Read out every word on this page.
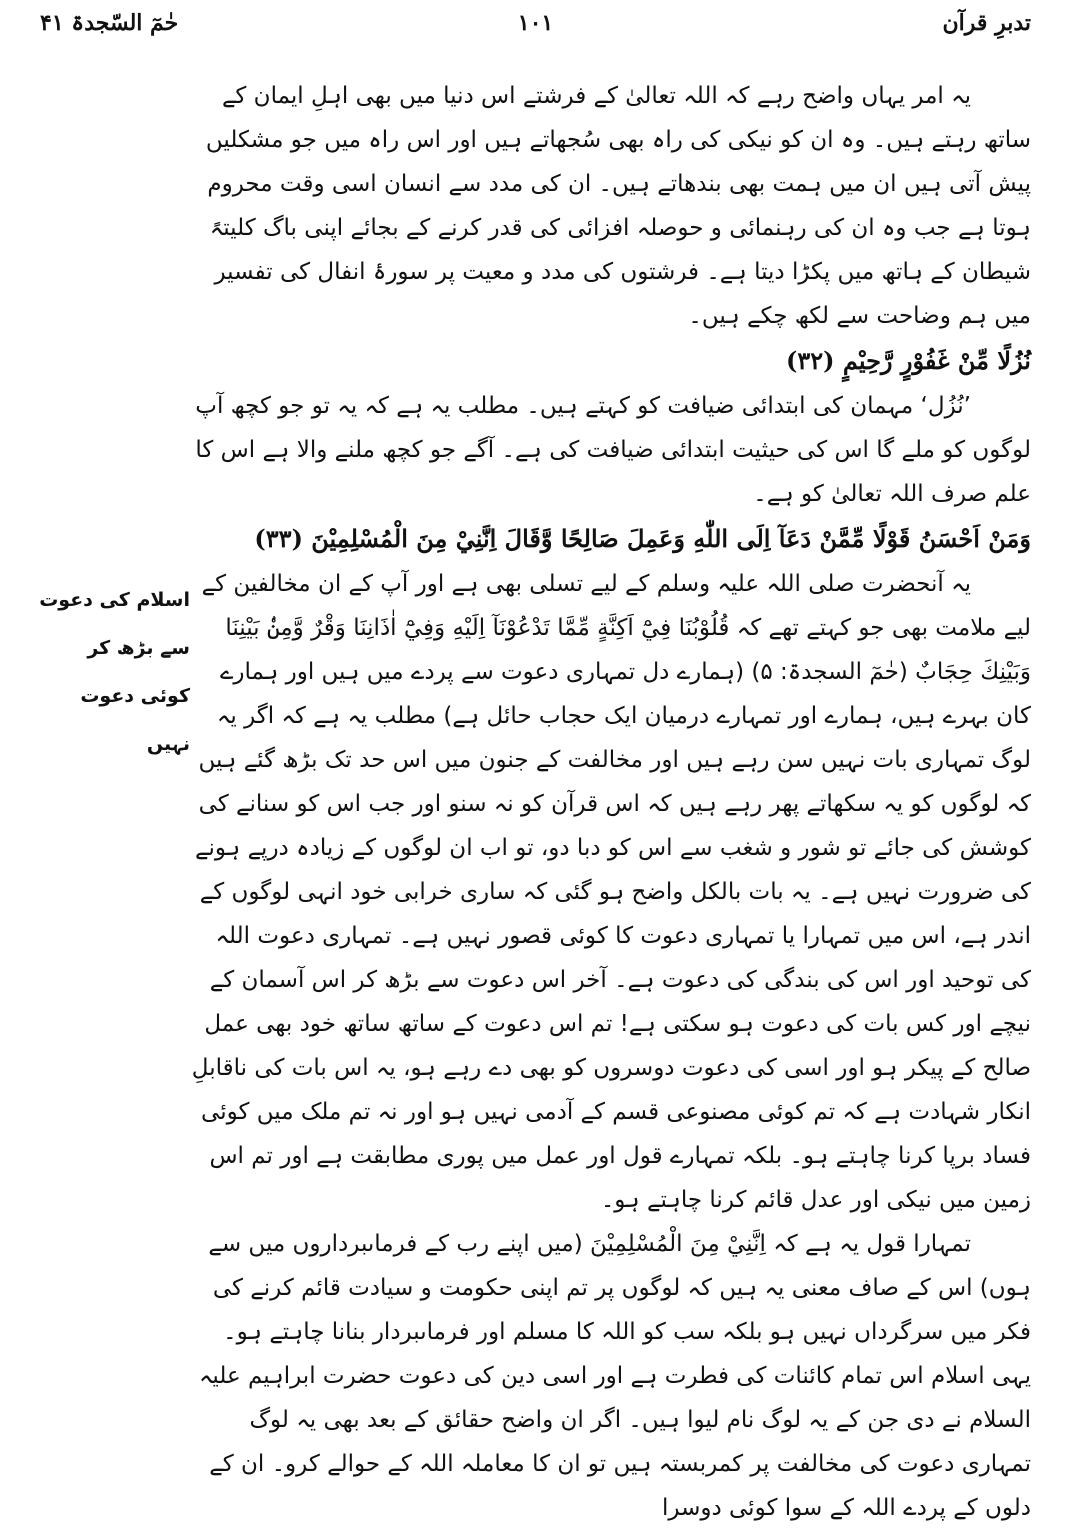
تدبرِ قرآن
۱۰۱
حٰمٓ السّجدۃ ۴۱
اسلام کی دعوت
سے بڑھ کر
کوئی دعوت
نہیں

یہ امر یہاں واضح رہے کہ اللہ تعالیٰ کے فرشتے اس دنیا میں بھی اہلِ ایمان کے ساتھ رہتے ہیں۔ وہ ان کو نیکی کی راہ بھی سُجھاتے ہیں اور اس راہ میں جو مشکلیں پیش آتی ہیں ان میں ہمت بھی بندھاتے ہیں۔ ان کی مدد سے انسان اسی وقت محروم ہوتا ہے جب وہ ان کی رہنمائی و حوصلہ افزائی کی قدر کرنے کے بجائے اپنی باگ کلیتہً شیطان کے ہاتھ میں پکڑا دیتا ہے۔ فرشتوں کی مدد و معیت پر سورۂ انفال کی تفسیر میں ہم وضاحت سے لکھ چکے ہیں۔

نُزُلًا مِّنْ غَفُوْرٍ رَّحِيْمٍ (۳۲)

’نُزُل‘ مہمان کی ابتدائی ضیافت کو کہتے ہیں۔ مطلب یہ ہے کہ یہ تو جو کچھ آپ لوگوں کو ملے گا اس کی حیثیت ابتدائی ضیافت کی ہے۔ آگے جو کچھ ملنے والا ہے اس کا علم صرف اللہ تعالیٰ کو ہے۔

وَمَنْ اَحْسَنُ قَوْلًا مِّمَّنْ دَعَآ اِلَى اللّٰهِ وَعَمِلَ صَالِحًا وَّقَالَ اِنَّنِيْ مِنَ الْمُسْلِمِيْنَ (۳۳)

یہ آنحضرت صلی اللہ علیہ وسلم کے لیے تسلی بھی ہے اور آپ کے ان مخالفین کے لیے ملامت بھی جو کہتے تھے کہ قُلُوْبُنَا فِيْٓ اَكِنَّةٍ مِّمَّا تَدْعُوْنَآ اِلَيْهِ وَفِيْٓ اٰذَانِنَا وَقْرٌ وَّمِنْۢ بَيْنِنَا وَبَيْنِكَ حِجَابٌ (حٰمٓ السجدۃ: ۵) (ہمارے دل تمہاری دعوت سے پردے میں ہیں اور ہمارے کان بہرے ہیں، ہمارے اور تمہارے درمیان ایک حجاب حائل ہے) مطلب یہ ہے کہ اگر یہ لوگ تمہاری بات نہیں سن رہے ہیں اور مخالفت کے جنون میں اس حد تک بڑھ گئے ہیں کہ لوگوں کو یہ سکھاتے پھر رہے ہیں کہ اس قرآن کو نہ سنو اور جب اس کو سنانے کی کوشش کی جائے تو شور و شغب سے اس کو دبا دو، تو اب ان لوگوں کے زیادہ درپے ہونے کی ضرورت نہیں ہے۔ یہ بات بالکل واضح ہو گئی کہ ساری خرابی خود انہی لوگوں کے اندر ہے، اس میں تمہارا یا تمہاری دعوت کا کوئی قصور نہیں ہے۔ تمہاری دعوت اللہ کی توحید اور اس کی بندگی کی دعوت ہے۔ آخر اس دعوت سے بڑھ کر اس آسمان کے نیچے اور کس بات کی دعوت ہو سکتی ہے! تم اس دعوت کے ساتھ ساتھ خود بھی عمل صالح کے پیکر ہو اور اسی کی دعوت دوسروں کو بھی دے رہے ہو، یہ اس بات کی ناقابلِ انکار شہادت ہے کہ تم کوئی مصنوعی قسم کے آدمی نہیں ہو اور نہ تم ملک میں کوئی فساد برپا کرنا چاہتے ہو۔ بلکہ تمہارے قول اور عمل میں پوری مطابقت ہے اور تم اس زمین میں نیکی اور عدل قائم کرنا چاہتے ہو۔

تمہارا قول یہ ہے کہ اِنَّنِيْ مِنَ الْمُسْلِمِيْنَ (میں اپنے رب کے فرماںبرداروں میں سے ہوں) اس کے صاف معنی یہ ہیں کہ لوگوں پر تم اپنی حکومت و سیادت قائم کرنے کی فکر میں سرگرداں نہیں ہو بلکہ سب کو اللہ کا مسلم اور فرماںبردار بنانا چاہتے ہو۔ یہی اسلام اس تمام کائنات کی فطرت ہے اور اسی دین کی دعوت حضرت ابراہیم علیہ السلام نے دی جن کے یہ لوگ نام لیوا ہیں۔ اگر ان واضح حقائق کے بعد بھی یہ لوگ تمہاری دعوت کی مخالفت پر کمربستہ ہیں تو ان کا معاملہ اللہ کے حوالے کرو۔ ان کے دلوں کے پردے اللہ کے سوا کوئی دوسرا
